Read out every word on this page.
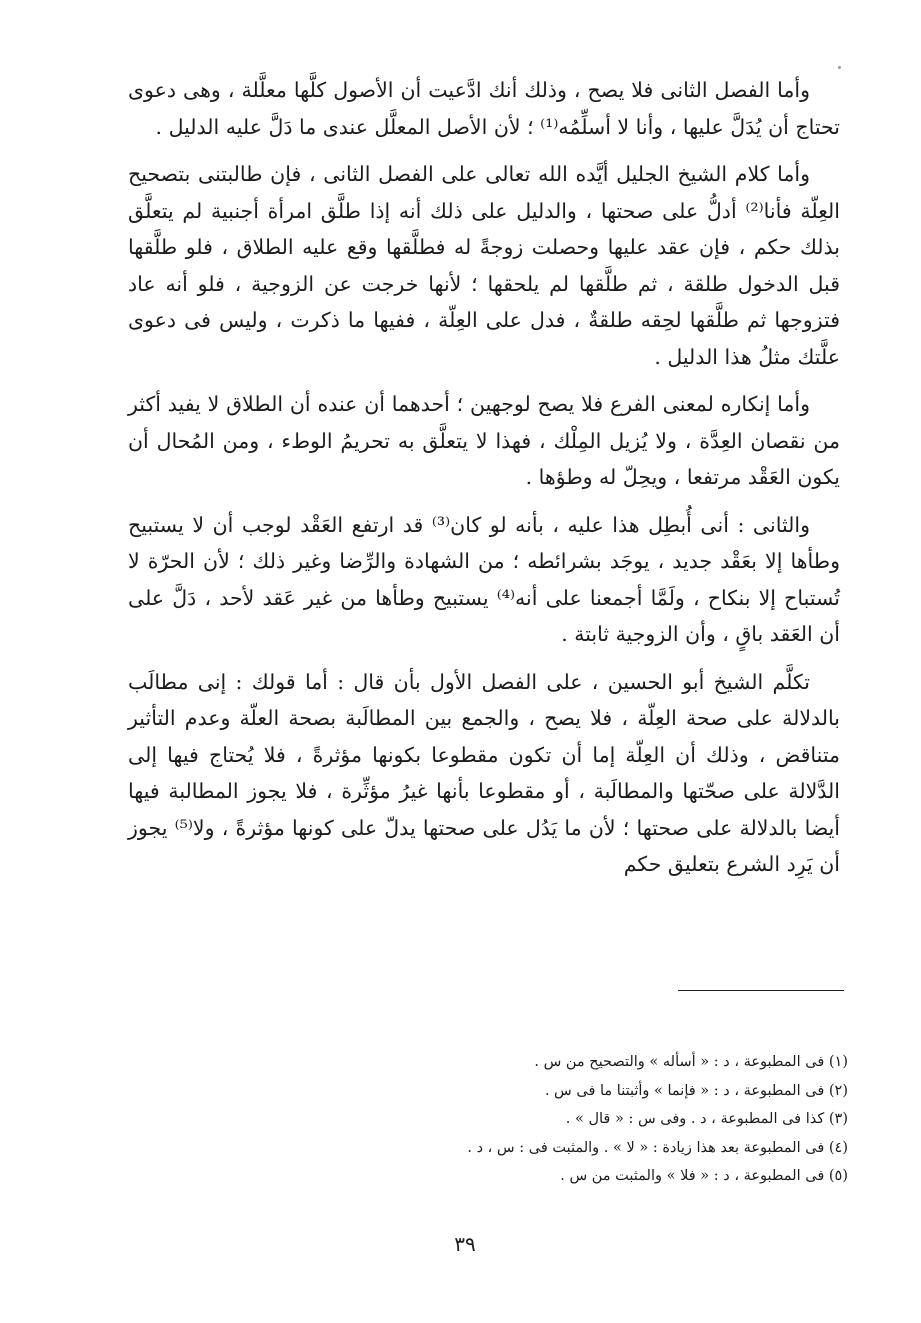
وأما الفصل الثانى فلا يصح ، وذلك أنك ادَّعيت أن الأصول كلَّها معلَّلة ، وهى دعوى تحتاج أن يُدَلَّ عليها ، وأنا لا أسلِّمُه⁽¹⁾ ؛ لأن الأصل المعلَّل عندى ما دَلَّ عليه الدليل .

وأما كلام الشيخ الجليل أيَّده الله تعالى على الفصل الثانى ، فإن طالبتنى بتصحيح العِلّة فأنا⁽²⁾ أدلُّ على صحتها ، والدليل على ذلك أنه إذا طلَّق امرأة أجنبية لم يتعلَّق بذلك حكم ، فإن عقد عليها وحصلت زوجةً له فطلَّقها وقع عليه الطلاق ، فلو طلَّقها قبل الدخول طلقة ، ثم طلَّقها لم يلحقها ؛ لأنها خرجت عن الزوجية ، فلو أنه عاد فتزوجها ثم طلَّقها لحِقه طلقةٌ ، فدل على العِلّة ، ففيها ما ذكرت ، وليس فى دعوى علَّتك مثلُ هذا الدليل .

وأما إنكاره لمعنى الفرع فلا يصح لوجهين ؛ أحدهما أن عنده أن الطلاق لا يفيد أكثر من نقصان العِدَّة ، ولا يُزيل المِلْك ، فهذا لا يتعلَّق به تحريمُ الوطء ، ومن المُحال أن يكون العَقْد مرتفعا ، ويحِلّ له وطؤها .

والثانى : أنى أُبطِل هذا عليه ، بأنه لو كان⁽³⁾ قد ارتفع العَقْد لوجب أن لا يستبيح وطأها إلا بعَقْد جديد ، يوجَد بشرائطه ؛ من الشهادة والرِّضا وغير ذلك ؛ لأن الحرّة لا تُستباح إلا بنكاح ، ولَمَّا أجمعنا على أنه⁽⁴⁾ يستبيح وطأها من غير عَقد لأحد ، دَلَّ على أن العَقد باقٍ ، وأن الزوجية ثابتة .

تكلَّم الشيخ أبو الحسين ، على الفصل الأول بأن قال : أما قولك : إنى مطالَب بالدلالة على صحة العِلّة ، فلا يصح ، والجمع بين المطالَبة بصحة العلّة وعدم التأثير متناقض ، وذلك أن العِلّة إما أن تكون مقطوعا بكونها مؤثرةً ، فلا يُحتاج فيها إلى الدَّلالة على صحّتها والمطالَبة ، أو مقطوعا بأنها غيرُ مؤثِّرة ، فلا يجوز المطالبة فيها أيضا بالدلالة على صحتها ؛ لأن ما يَدُل على صحتها يدلّ على كونها مؤثرةً ، ولا⁽⁵⁾ يجوز أن يَرِد الشرع بتعليق حكم

(١) فى المطبوعة ، د : « أسأله » والتصحيح من س .

(٢) فى المطبوعة ، د : « فإنما » وأثبتنا ما فى س .

(٣) كذا فى المطبوعة ، د . وفى س : « قال » .

(٤) فى المطبوعة بعد هذا زيادة : « لا » . والمثبت فى : س ، د .

(٥) فى المطبوعة ، د : « فلا » والمثبت من س .

٣٩
